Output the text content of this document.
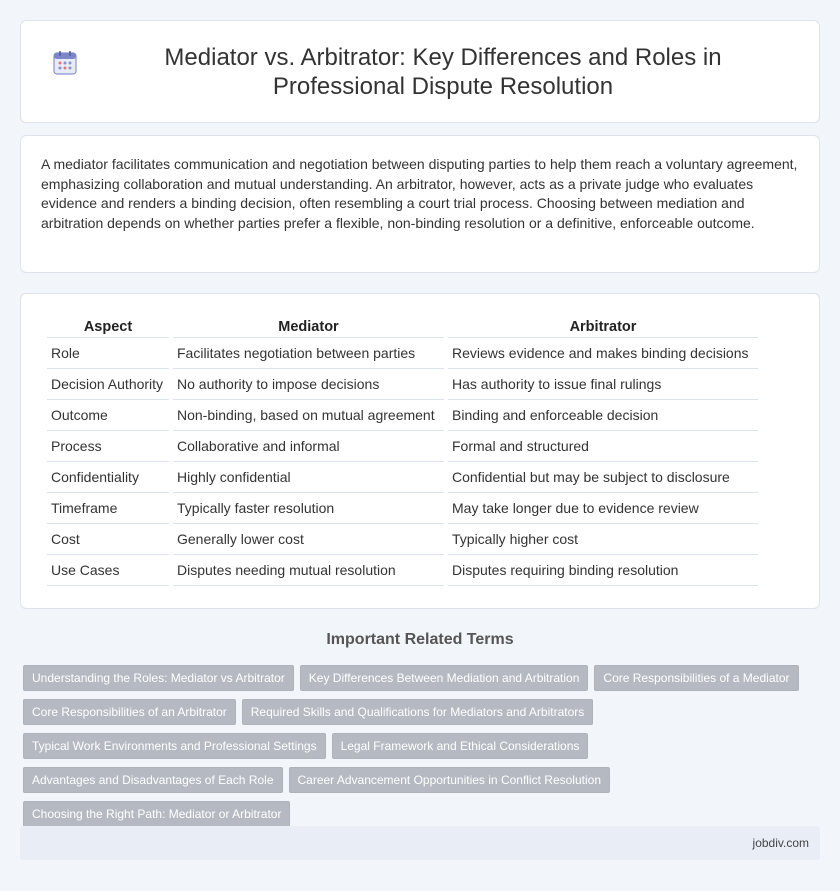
Mediator vs. Arbitrator: Key Differences and Roles in Professional Dispute Resolution

A mediator facilitates communication and negotiation between disputing parties to help them reach a voluntary agreement, emphasizing collaboration and mutual understanding. An arbitrator, however, acts as a private judge who evaluates evidence and renders a binding decision, often resembling a court trial process. Choosing between mediation and arbitration depends on whether parties prefer a flexible, non-binding resolution or a definitive, enforceable outcome.

Aspect	Mediator	Arbitrator
Role	Facilitates negotiation between parties	Reviews evidence and makes binding decisions
Decision Authority	No authority to impose decisions	Has authority to issue final rulings
Outcome	Non-binding, based on mutual agreement	Binding and enforceable decision
Process	Collaborative and informal	Formal and structured
Confidentiality	Highly confidential	Confidential but may be subject to disclosure
Timeframe	Typically faster resolution	May take longer due to evidence review
Cost	Generally lower cost	Typically higher cost
Use Cases	Disputes needing mutual resolution	Disputes requiring binding resolution
Important Related Terms
Understanding the Roles: Mediator vs Arbitrator	Key Differences Between Mediation and Arbitration	Core Responsibilities of a Mediator
Core Responsibilities of an Arbitrator	Required Skills and Qualifications for Mediators and Arbitrators
Typical Work Environments and Professional Settings	Legal Framework and Ethical Considerations
Advantages and Disadvantages of Each Role	Career Advancement Opportunities in Conflict Resolution
Choosing the Right Path: Mediator or Arbitrator
jobdiv.com
